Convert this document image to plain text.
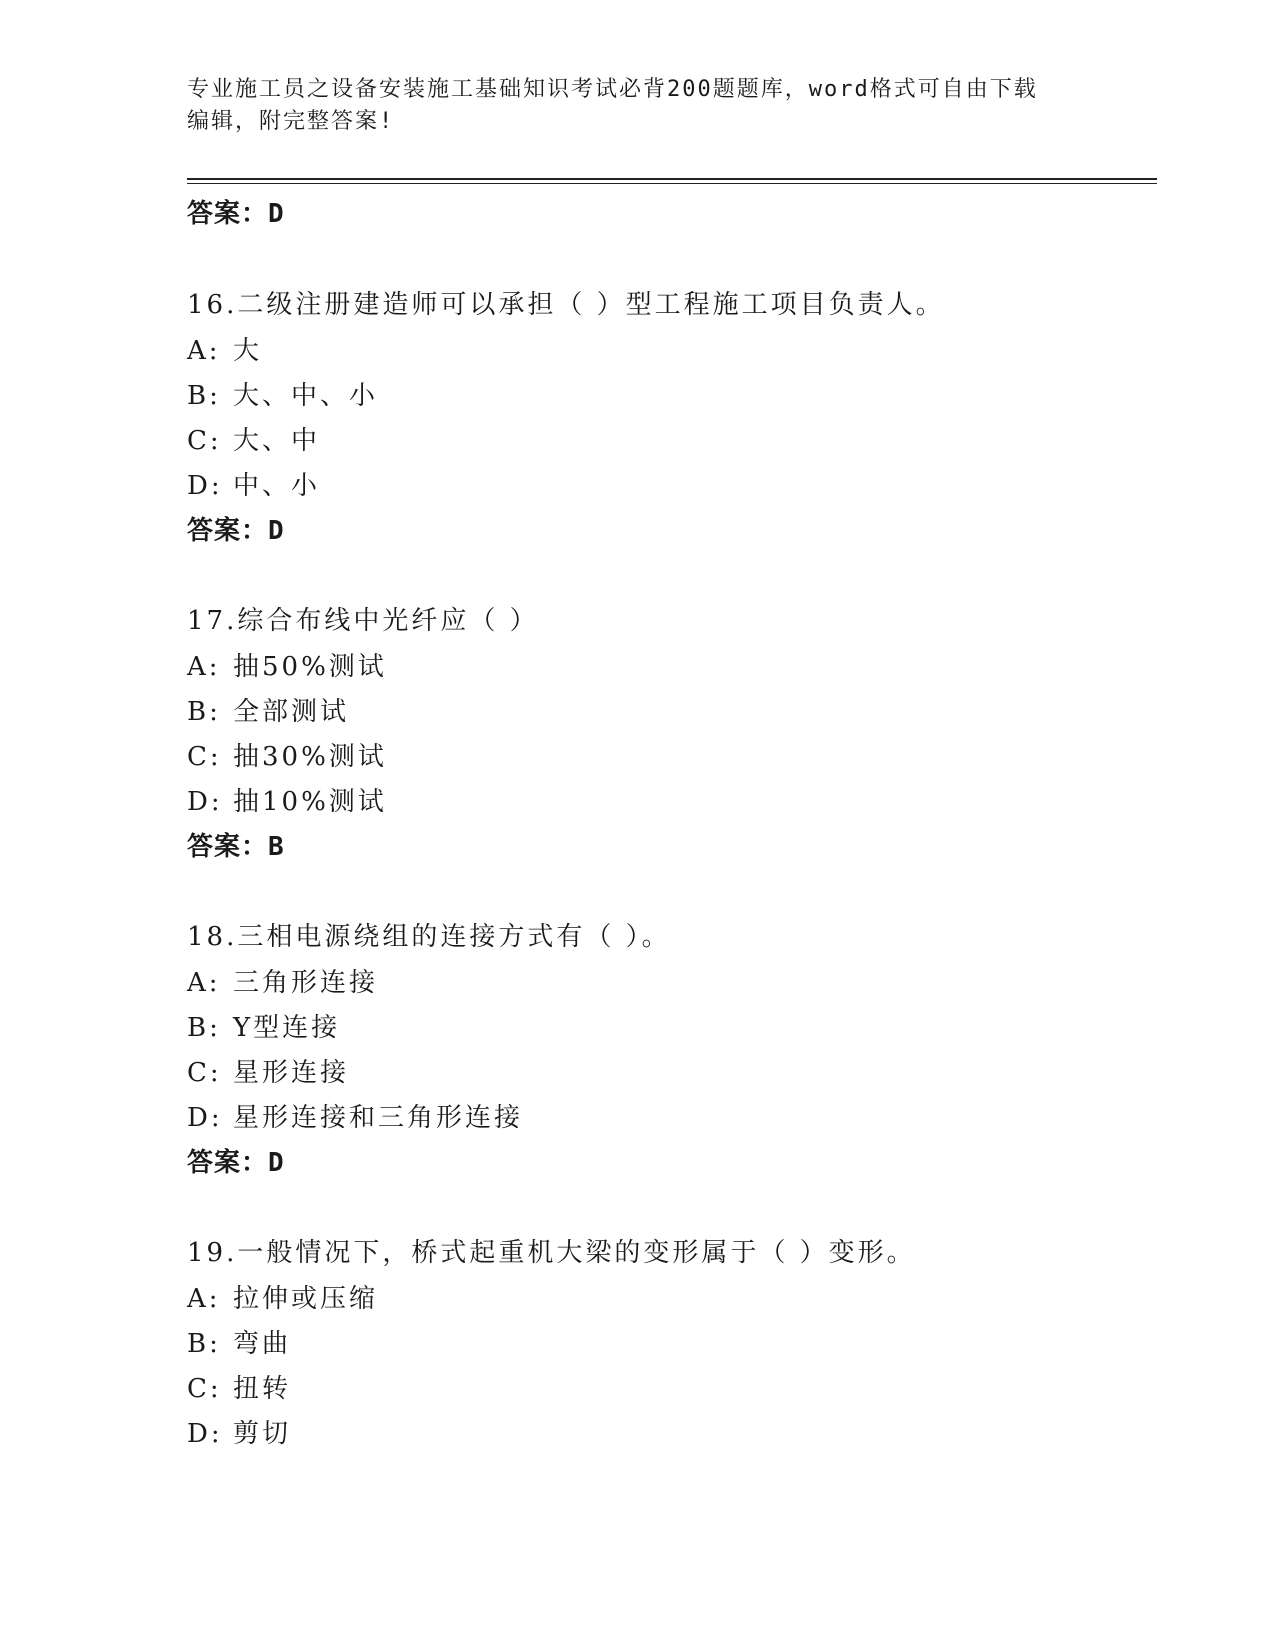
专业施工员之设备安装施工基础知识考试必背200题题库，word格式可自由下载
编辑，附完整答案!
答案：D
16.二级注册建造师可以承担（ ）型工程施工项目负责人。
A: 大
B: 大、中、小
C: 大、中
D: 中、小
答案：D
17.综合布线中光纤应（ ）
A: 抽50%测试
B: 全部测试
C: 抽30%测试
D: 抽10%测试
答案：B
18.三相电源绕组的连接方式有（ ）。
A: 三角形连接
B: Y型连接
C: 星形连接
D: 星形连接和三角形连接
答案：D
19.一般情况下，桥式起重机大梁的变形属于（ ）变形。
A: 拉伸或压缩
B: 弯曲
C: 扭转
D: 剪切
